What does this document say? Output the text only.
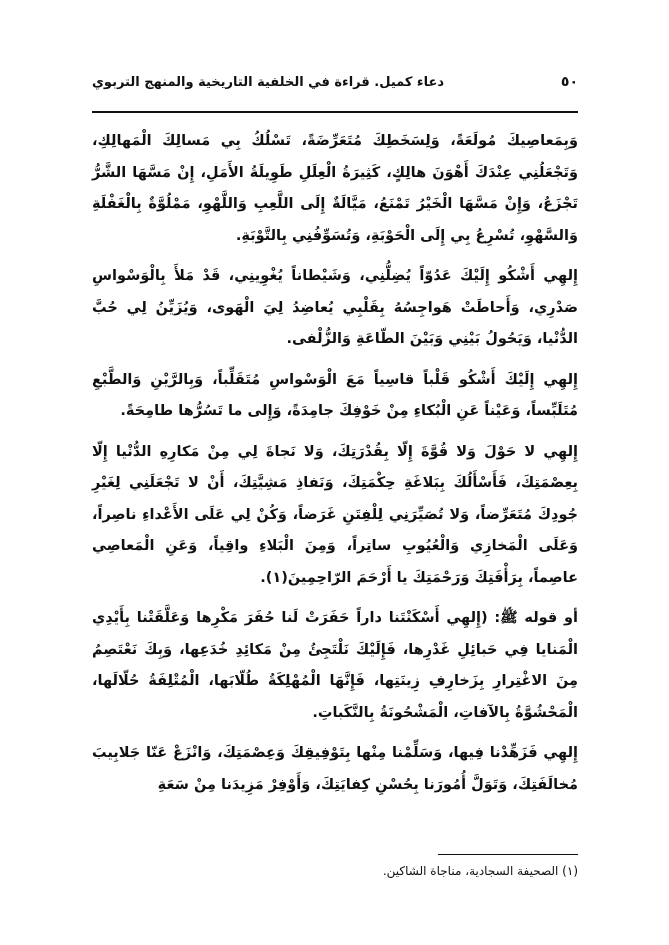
٥٠
دعاء كميل. قراءة في الخلفية التاريخية والمنهج التربوي

وَبِمَعاصِيكَ مُولَعَةً، وَلِسَخَطِكَ مُتَعَرِّضَةً، تَسْلُكُ بِي مَسالِكَ الْمَهالِكِ، وَتَجْعَلُنِي عِنْدَكَ أَهْوَنَ هالِكٍ، كَثِيرَةُ الْعِلَلِ طَوِيلَةُ الأَمَلِ، إِنْ مَسَّهَا الشَّرُّ تَجْزَعُ، وَإِنْ مَسَّهَا الْخَيْرُ تَمْنَعُ، مَيَّالَةٌ إِلَى اللَّعِبِ وَاللَّهْوِ، مَمْلُوَّةٌ بِالْغَفْلَةِ وَالسَّهْوِ، تُسْرِعُ بِي إِلَى الْحَوْبَةِ، وَتُسَوِّفُنِي بِالتَّوْبَةِ.

إِلهِي أَشْكُو إِلَيْكَ عَدُوّاً يُضِلُّنِي، وَشَيْطاناً يُغْوِينِي، قَدْ مَلأَ بِالْوَسْواسِ صَدْرِي، وَأَحاطَتْ هَواجِسُهُ بِقَلْبِي يُعاضِدُ لِيَ الْهَوى، وَيُزَيِّنُ لِي حُبَّ الدُّنْيا، وَيَحُولُ بَيْنِي وَبَيْنَ الطّاعَةِ وَالزُّلْفى.

إِلهِي إِلَيْكَ أَشْكُو قَلْباً قاسِياً مَعَ الْوَسْواسِ مُتَقَلِّباً، وَبِالرَّيْنِ وَالطَّبْعِ مُتَلَبِّساً، وَعَيْناً عَنِ الْبُكاءِ مِنْ خَوْفِكَ جامِدَةً، وَإِلى ما تَسُرُّها طامِحَةً.

إِلهِي لا حَوْلَ وَلا قُوَّةَ إِلّا بِقُدْرَتِكَ، وَلا نَجاةَ لِي مِنْ مَكارِهِ الدُّنْيا إِلّا بِعِصْمَتِكَ، فَأَسْأَلُكَ بِبَلاغَةِ حِكْمَتِكَ، وَنَفاذِ مَشِيَّتِكَ، أَنْ لا تَجْعَلَنِي لِغَيْرِ جُودِكَ مُتَعَرِّضاً، وَلا تُصَيِّرَنِي لِلْفِتَنِ غَرَضاً، وَكُنْ لِي عَلَى الأَعْداءِ ناصِراً، وَعَلَى الْمَخازِي وَالْعُيُوبِ ساتِراً، وَمِنَ الْبَلاءِ واقِياً، وَعَنِ الْمَعاصِي عاصِماً، بِرَأْفَتِكَ وَرَحْمَتِكَ يا أَرْحَمَ الرّاحِمِينَ(١).

أو قوله ﷺ: (إِلهِي أَسْكَنْتَنا داراً حَفَرَتْ لَنا حُفَرَ مَكْرِها وَعَلَّقَتْنا بِأَيْدِي الْمَنايا فِي حَبائِلِ غَدْرِها، فَإِلَيْكَ نَلْتَجِئُ مِنْ مَكائِدِ خُدَعِها، وَبِكَ نَعْتَصِمُ مِنَ الاغْتِرارِ بِزَخارِفِ زِينَتِها، فَإِنَّهَا الْمُهْلِكَةُ طُلّابَها، الْمُتْلِفَةُ حُلّالَها، الْمَحْشُوَّةُ بِالآفاتِ، الْمَشْحُونَةُ بِالنَّكَباتِ.

إِلهِي فَزَهِّدْنا فِيها، وَسَلِّمْنا مِنْها بِتَوْفِيقِكَ وَعِصْمَتِكَ، وَانْزَعْ عَنّا جَلابِيبَ مُخالَفَتِكَ، وَتَوَلَّ أُمُورَنا بِحُسْنِ كِفايَتِكَ، وَأَوْفِرْ مَزِيدَنا مِنْ سَعَةِ

(١) الصحيفة السجادية، مناجاة الشاكين.
